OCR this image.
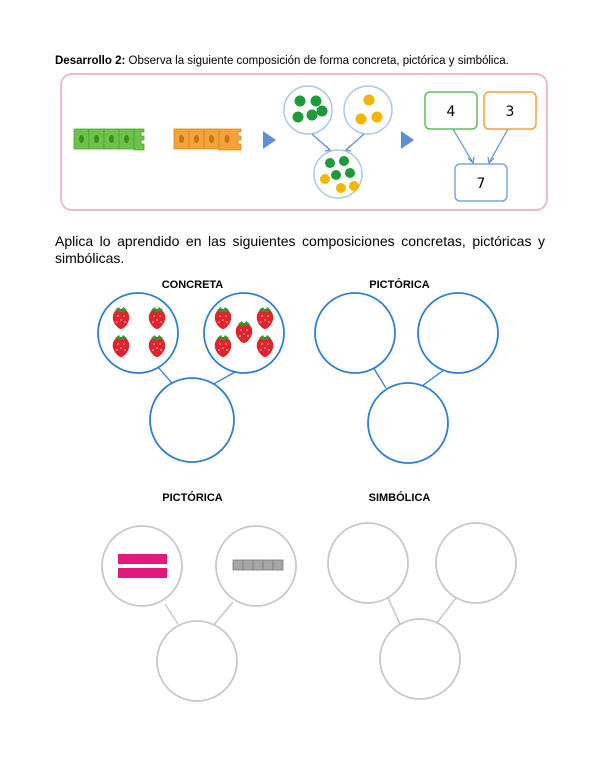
Desarrollo 2: Observa la siguiente composición de forma concreta, pictórica y simbólica.
Aplica lo aprendido en las siguientes composiciones concretas, pictóricas y simbólicas.
CONCRETA	PICTÓRICA
PICTÓRICA	SIMBÓLICA
4	3
7
